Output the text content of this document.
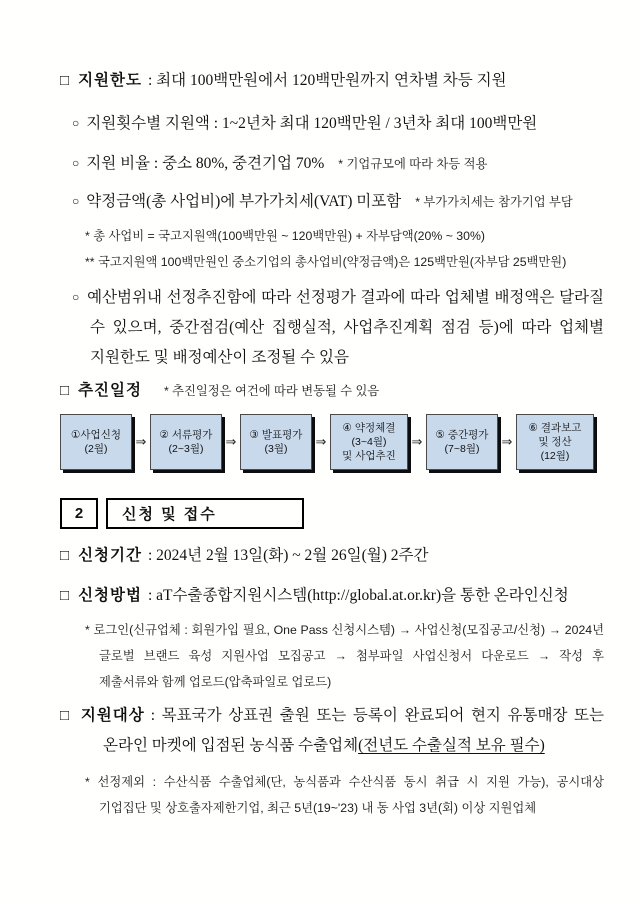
□ 지원한도 : 최대 100백만원에서 120백만원까지 연차별 차등 지원

○ 지원횟수별 지원액 : 1~2년차 최대 120백만원 / 3년차 최대 100백만원

○ 지원 비율 : 중소 80%, 중견기업 70% * 기업규모에 따라 차등 적용

○ 약정금액(총 사업비)에 부가가치세(VAT) 미포함 * 부가가치세는 참가기업 부담

* 총 사업비 = 국고지원액(100백만원 ~ 120백만원) + 자부담액(20% ~ 30%)

** 국고지원액 100백만원인 중소기업의 총사업비(약정금액)은 125백만원(자부담 25백만원)

○ 예산범위내 선정추진함에 따라 선정평가 결과에 따라 업체별 배정액은 달라질 수 있으며, 중간점검(예산 집행실적, 사업추진계획 점검 등)에 따라 업체별 지원한도 및 배정예산이 조정될 수 있음

□ 추진일정 * 추진일정은 여건에 따라 변동될 수 있음

①사업신청
(2월) ⇒	② 서류평가
(2~3월) ⇒	③ 발표평가
(3월) ⇒
④ 약정체결
(3~4월)
및 사업추진
⇒	⑤ 중간평가
(7~8월) ⇒
⑥ 결과보고
및 정산
(12월)
2	신청 및 접수

□ 신청기간 : 2024년 2월 13일(화) ~ 2월 26일(월) 2주간

□ 신청방법 : aT수출종합지원시스템(http://global.at.or.kr)을 통한 온라인신청

* 로그인(신규업체 : 회원가입 필요, One Pass 신청시스템) → 사업신청(모집공고/신청) → 2024년 글로벌 브랜드 육성 지원사업 모집공고 → 첨부파일 사업신청서 다운로드 → 작성 후 제출서류와 함께 업로드(압축파일로 업로드)

□ 지원대상 : 목표국가 상표권 출원 또는 등록이 완료되어 현지 유통매장 또는 온라인 마켓에 입점된 농식품 수출업체(전년도 수출실적 보유 필수)

* 선정제외 : 수산식품 수출업체(단, 농식품과 수산식품 동시 취급 시 지원 가능), 공시대상 기업집단 및 상호출자제한기업, 최근 5년(19~'23) 내 동 사업 3년(회) 이상 지원업체
